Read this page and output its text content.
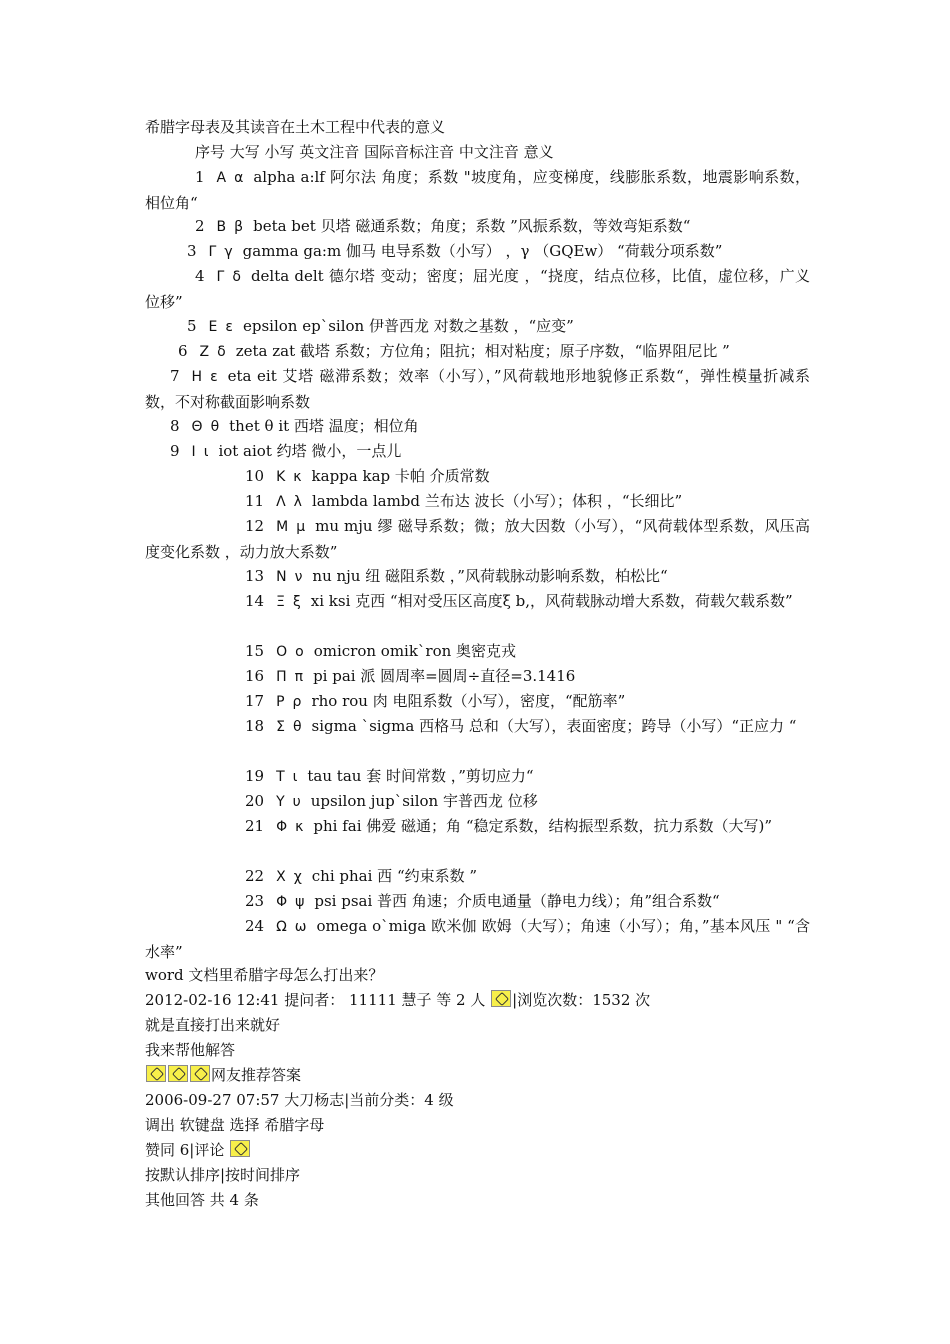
希腊字母表及其读音在土木工程中代表的意义
序号 大写 小写 英文注音 国际音标注音 中文注音 意义
1 Α α alpha a:lf 阿尔法 角度；系数 "坡度角，应变梯度，线膨胀系数，地震影响系数，相位角“
2 Β β beta bet 贝塔 磁通系数；角度；系数 ”风振系数，等效弯矩系数“
3 Γ γ gamma ga:m 伽马 电导系数（小写） ，γ （GQEw） “荷载分项系数”
4 Γ δ delta delt 德尔塔 变动；密度；屈光度 ，“挠度，结点位移，比值，虚位移，广义位移”
5 Ε ε epsilon ep`silon 伊普西龙 对数之基数 ，“应变”
6 Ζ δ zeta zat 截塔 系数；方位角；阻抗；相对粘度；原子序数，“临界阻尼比 ”
7 Η ε eta eit 艾塔 磁滞系数；效率（小写），”风荷载地形地貌修正系数“，弹性模量折减系数，不对称截面影响系数
8 Θ θ thet θ it 西塔 温度；相位角
9 Ι ι iot aiot 约塔 微小，一点儿
10 Κ κ kappa kap 卡帕 介质常数
11 Λ λ lambda lambd 兰布达 波长（小写）；体积 ，“长细比”
12 Μ μ mu mju 缪 磁导系数；微；放大因数（小写），“风荷载体型系数，风压高度变化系数 ，动力放大系数”
13 Ν ν nu nju 纽 磁阻系数 ，”风荷载脉动影响系数，柏松比“
14 Ξ ξ xi ksi 克西 “相对受压区高度ξ b,，风荷载脉动增大系数，荷载欠载系数”
15 Ο ο omicron omik`ron 奥密克戎
16 Π π pi pai 派 圆周率=圆周÷直径=3.1416
17 Ρ ρ rho rou 肉 电阻系数（小写），密度，“配筋率”
18 Σ θ sigma `sigma 西格马 总和（大写），表面密度；跨导（小写）“正应力 “
19 Τ ι tau tau 套 时间常数 ，”剪切应力“
20 Υ υ upsilon jup`silon 宇普西龙 位移
21 Φ κ phi fai 佛爱 磁通；角 “稳定系数，结构振型系数，抗力系数（大写)”
22 Χ χ chi phai 西 “约束系数 ”
23 Φ ψ psi psai 普西 角速；介质电通量（静电力线）；角”组合系数“
24 Ω ω omega o`miga 欧米伽 欧姆（大写）；角速（小写）；角，”基本风压 " “含水率”
word 文档里希腊字母怎么打出来？
2012-02-16 12:41 提问者： 11111 慧子 等 2 人 |浏览次数：1532 次
就是直接打出来就好
我来帮他解答
网友推荐答案
2006-09-27 07:57 大刀杨志|当前分类：4 级
调出 软键盘 选择 希腊字母
赞同 6|评论
按默认排序|按时间排序
其他回答 共 4 条
